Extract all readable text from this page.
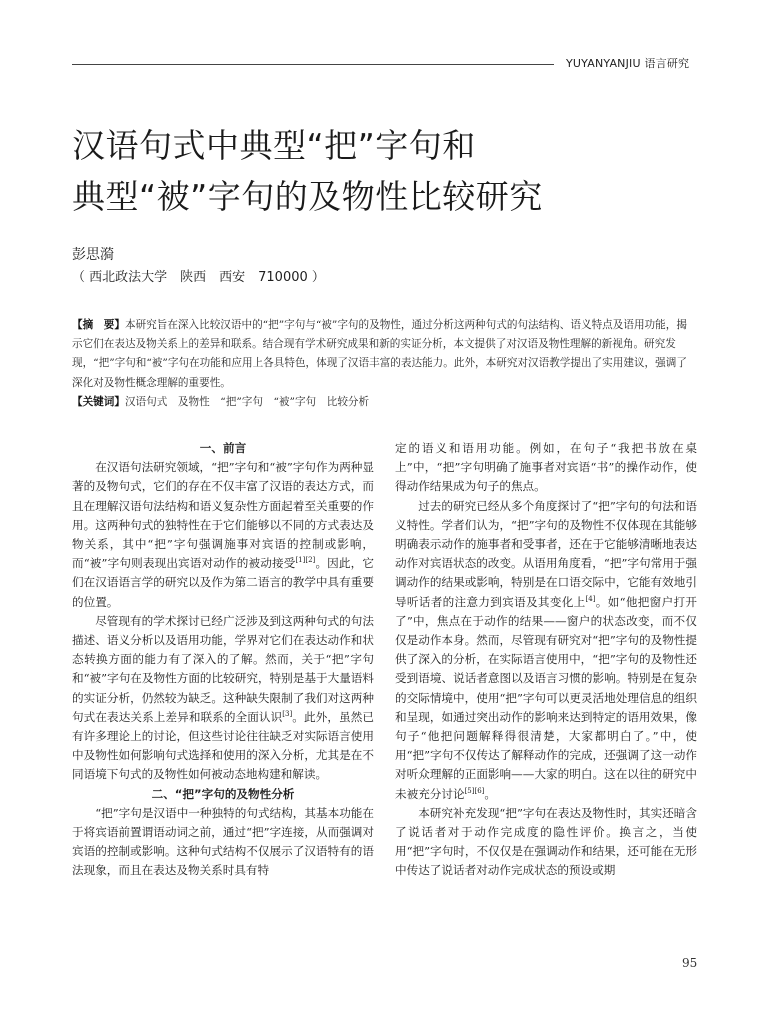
YUYANYANJIU 语言研究
汉语句式中典型“把”字句和
典型“被”字句的及物性比较研究
彭思漪
（ 西北政法大学　陕西　西安　710000 ）

【摘　要】本研究旨在深入比较汉语中的“把”字句与“被”字句的及物性，通过分析这两种句式的句法结构、语义特点及语用功能，揭示它们在表达及物关系上的差异和联系。结合现有学术研究成果和新的实证分析，本文提供了对汉语及物性理解的新视角。研究发现，“把”字句和“被”字句在功能和应用上各具特色，体现了汉语丰富的表达能力。此外，本研究对汉语教学提出了实用建议，强调了深化对及物性概念理解的重要性。

【关键词】汉语句式　及物性　“把”字句　“被”字句　比较分析

一、前言

在汉语句法研究领域，“把”字句和“被”字句作为两种显著的及物句式，它们的存在不仅丰富了汉语的表达方式，而且在理解汉语句法结构和语义复杂性方面起着至关重要的作用。这两种句式的独特性在于它们能够以不同的方式表达及物关系，其中“把”字句强调施事对宾语的控制或影响，而“被”字句则表现出宾语对动作的被动接受[1][2]。因此，它们在汉语语言学的研究以及作为第二语言的教学中具有重要的位置。

尽管现有的学术探讨已经广泛涉及到这两种句式的句法描述、语义分析以及语用功能，学界对它们在表达动作和状态转换方面的能力有了深入的了解。然而，关于“把”字句和“被”字句在及物性方面的比较研究，特别是基于大量语料的实证分析，仍然较为缺乏。这种缺失限制了我们对这两种句式在表达关系上差异和联系的全面认识[3]。此外，虽然已有许多理论上的讨论，但这些讨论往往缺乏对实际语言使用中及物性如何影响句式选择和使用的深入分析，尤其是在不同语境下句式的及物性如何被动态地构建和解读。

二、“把”字句的及物性分析

“把”字句是汉语中一种独特的句式结构，其基本功能在于将宾语前置谓语动词之前，通过“把”字连接，从而强调对宾语的控制或影响。这种句式结构不仅展示了汉语特有的语法现象，而且在表达及物关系时具有特

定的语义和语用功能。例如，在句子“我把书放在桌上”中，“把”字句明确了施事者对宾语“书”的操作动作，使得动作结果成为句子的焦点。

过去的研究已经从多个角度探讨了“把”字句的句法和语义特性。学者们认为，“把”字句的及物性不仅体现在其能够明确表示动作的施事者和受事者，还在于它能够清晰地表达动作对宾语状态的改变。从语用角度看，“把”字句常用于强调动作的结果或影响，特别是在口语交际中，它能有效地引导听话者的注意力到宾语及其变化上[4]。如“他把窗户打开了”中，焦点在于动作的结果——窗户的状态改变，而不仅仅是动作本身。然而，尽管现有研究对“把”字句的及物性提供了深入的分析，在实际语言使用中，“把”字句的及物性还受到语境、说话者意图以及语言习惯的影响。特别是在复杂的交际情境中，使用“把”字句可以更灵活地处理信息的组织和呈现，如通过突出动作的影响来达到特定的语用效果，像句子“他把问题解释得很清楚，大家都明白了。”中，使用“把”字句不仅传达了解释动作的完成，还强调了这一动作对听众理解的正面影响——大家的明白。这在以往的研究中未被充分讨论[5][6]。

本研究补充发现“把”字句在表达及物性时，其实还暗含了说话者对于动作完成度的隐性评价。换言之，当使用“把”字句时，不仅仅是在强调动作和结果，还可能在无形中传达了说话者对动作完成状态的预设或期

95
